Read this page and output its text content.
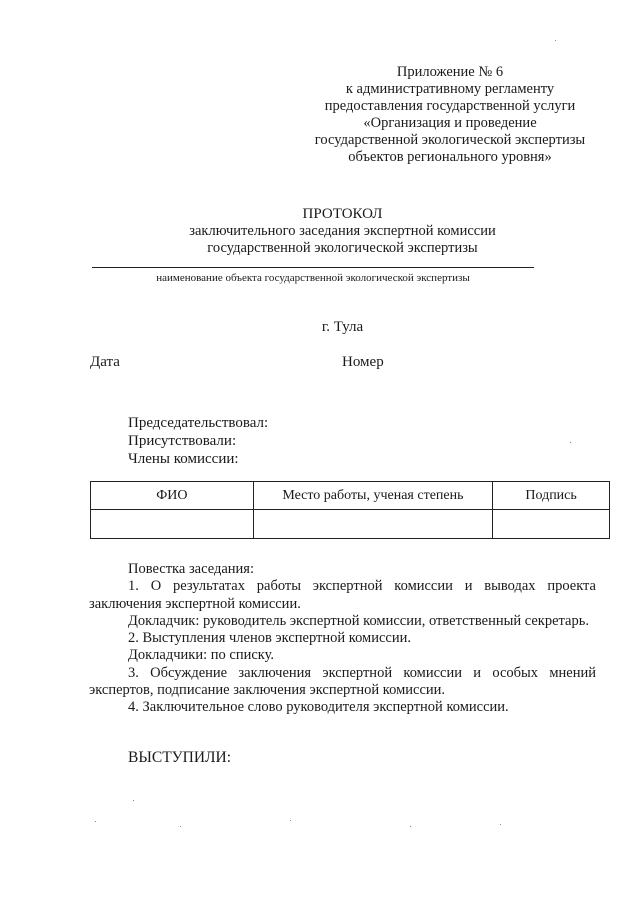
Приложение № 6
к административному регламенту
предоставления государственной услуги
«Организация и проведение
государственной экологической экспертизы
объектов регионального уровня»
ПРОТОКОЛ
заключительного заседания экспертной комиссии
государственной экологической экспертизы
наименование объекта государственной экологической экспертизы
г. Тула
Дата	Номер
Председательствовал:
Присутствовали:
Члены комиссии:
ФИО	Место работы, ученая степень	Подпись

Повестка заседания:
1. О результатах работы экспертной комиссии и выводах проекта заключения экспертной комиссии.
Докладчик: руководитель экспертной комиссии, ответственный секретарь.
2. Выступления членов экспертной комиссии.
Докладчики: по списку.
3. Обсуждение заключения экспертной комиссии и особых мнений экспертов, подписание заключения экспертной комиссии.
4. Заключительное слово руководителя экспертной комиссии.
ВЫСТУПИЛИ:
